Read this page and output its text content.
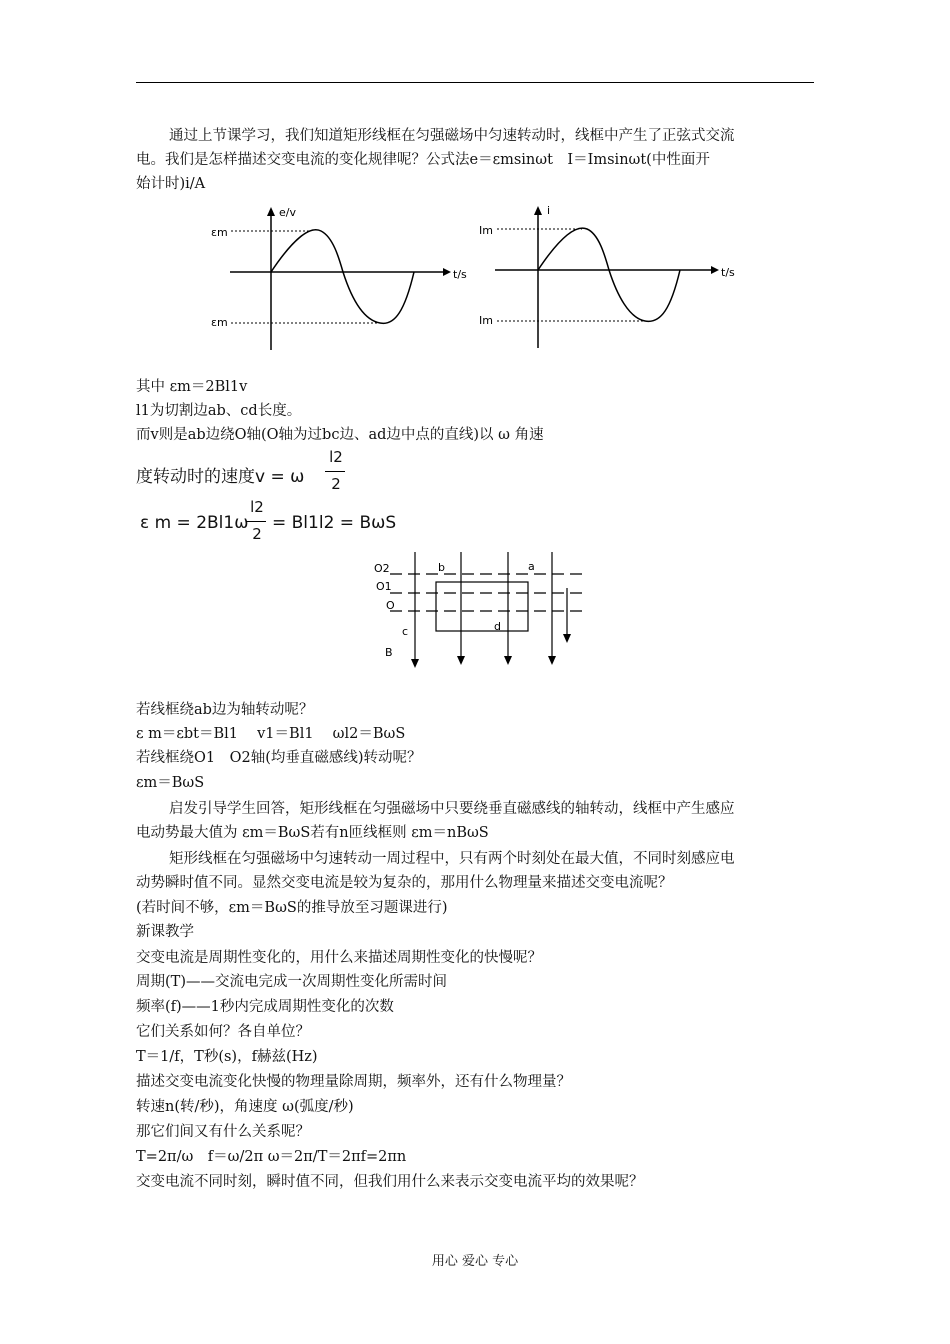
通过上节课学习，我们知道矩形线框在匀强磁场中匀速转动时，线框中产生了正弦式交流
电。我们是怎样描述交变电流的变化规律呢？公式法e＝εmsinωt　I＝Imsinωt(中性面开
始计时)i/A
e/v
t/s
εm
εm
i
t/s
Im
Im
其中 εm＝2Bl1v
l1为切割边ab、cd长度。
而v则是ab边绕O轴(O轴为过bc边、ad边中点的直线)以 ω 角速
度转动时的速度v = ω
l2
2
ε m = 2Bl1ω
l2
2
= Bl1l2 = BωS
O2
O1
O
b	a
c	d
B
若线框绕ab边为轴转动呢？
ε m＝εbt＝Bl1　 v1＝Bl1　 ωl2＝BωS
若线框绕O1　O2轴(均垂直磁感线)转动呢？
εm＝BωS
启发引导学生回答，矩形线框在匀强磁场中只要绕垂直磁感线的轴转动，线框中产生感应
电动势最大值为 εm＝BωS若有n匝线框则 εm＝nBωS
矩形线框在匀强磁场中匀速转动一周过程中，只有两个时刻处在最大值，不同时刻感应电
动势瞬时值不同。显然交变电流是较为复杂的，那用什么物理量来描述交变电流呢？
(若时间不够，εm＝BωS的推导放至习题课进行)
新课教学
交变电流是周期性变化的，用什么来描述周期性变化的快慢呢？
周期(T)——交流电完成一次周期性变化所需时间
频率(f)——1秒内完成周期性变化的次数
它们关系如何？各自单位？
T＝1/f，T秒(s)，f赫兹(Hz)
描述交变电流变化快慢的物理量除周期，频率外，还有什么物理量？
转速n(转/秒)，角速度 ω(弧度/秒)
那它们间又有什么关系呢？
T=2π/ω　f＝ω/2π ω＝2π/T＝2πf=2πn
交变电流不同时刻，瞬时值不同，但我们用什么来表示交变电流平均的效果呢？
用心 爱心 专心
